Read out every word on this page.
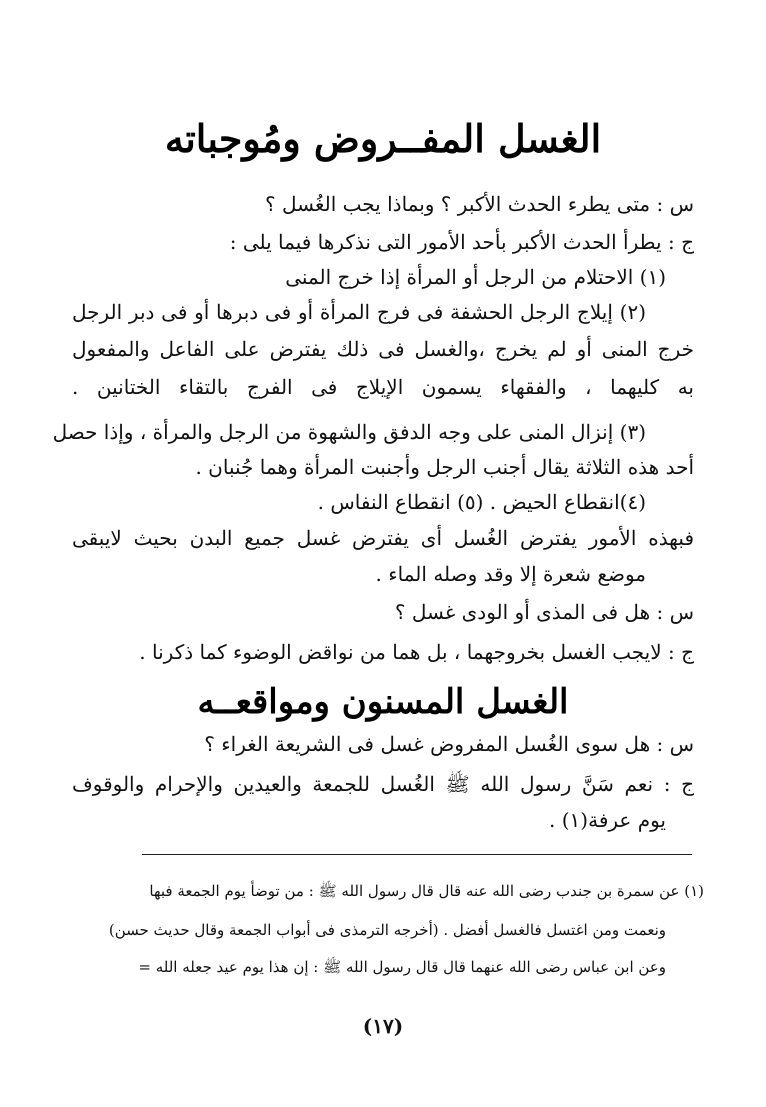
الغسل المفــروض ومُوجباته
س : متى يطرء الحدث الأكبر ؟ وبماذا يجب الغُسل ؟
ج : يطرأ الحدث الأكبر بأحد الأمور التى نذكرها فيما يلى :
(١) الاحتلام من الرجل أو المرأة إذا خرج المنى
(٢) إيلاج الرجل الحشفة فى فرج المرأة أو فى دبرها أو فى دبر الرجل
خرج المنى أو لم يخرج ،والغسل فى ذلك يفترض على الفاعل والمفعول
به كليهما ، والفقهاء يسمون الإيلاج فى الفرج بالتقاء الختانين .
(٣) إنزال المنى على وجه الدفق والشهوة من الرجل والمرأة ، وإذا حصل
أحد هذه الثلاثة يقال أجنب الرجل وأجنبت المرأة وهما جُنبان .
(٤)انقطاع الحيض . (٥) انقطاع النفاس .
فبهذه الأمور يفترض الغُسل أى يفترض غسل جميع البدن بحيث لايبقى
موضع شعرة إلا وقد وصله الماء .
س : هل فى المذى أو الودى غسل ؟
ج : لايجب الغسل بخروجهما ، بل هما من نواقض الوضوء كما ذكرنا .
الغسل المسنون ومواقعــه
س : هل سوى الغُسل المفروض غسل فى الشريعة الغراء ؟
ج : نعم سَنَّ رسول الله ﷺ الغُسل للجمعة والعيدين والإحرام والوقوف
يوم عرفة(١) .
(١) عن سمرة بن جندب رضى الله عنه قال قال رسول الله ﷺ : من توضأ يوم الجمعة فبها
ونعمت ومن اغتسل فالغسل أفضل . (أخرجه الترمذى فى أبواب الجمعة وقال حديث حسن)
وعن ابن عباس رضى الله عنهما قال قال رسول الله ﷺ : إن هذا يوم عيد جعله الله =
(١٧)
